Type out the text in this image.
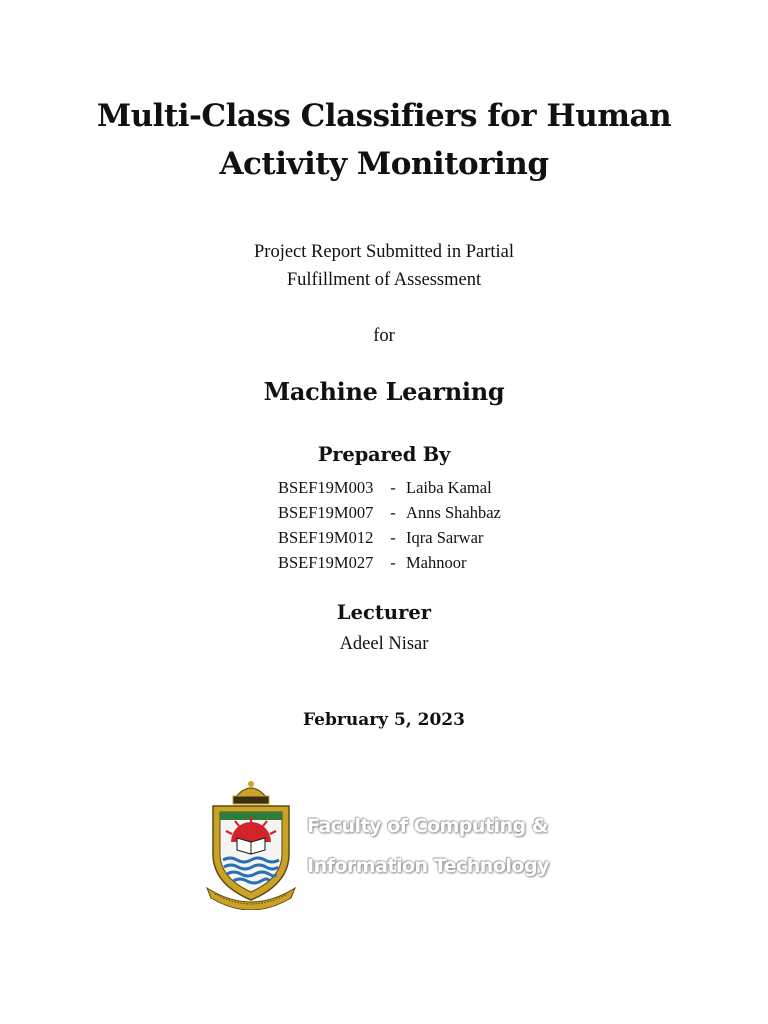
Multi-Class Classifiers for Human
Activity Monitoring
Project Report Submitted in Partial
Fulfillment of Assessment
for
Machine Learning
Prepared By
BSEF19M003	- Laiba Kamal
BSEF19M007	- Anns Shahbaz
BSEF19M012	- Iqra Sarwar
BSEF19M027	- Mahnoor
Lecturer
Adeel Nisar
February 5, 2023
Faculty of Computing &
Information Technology
